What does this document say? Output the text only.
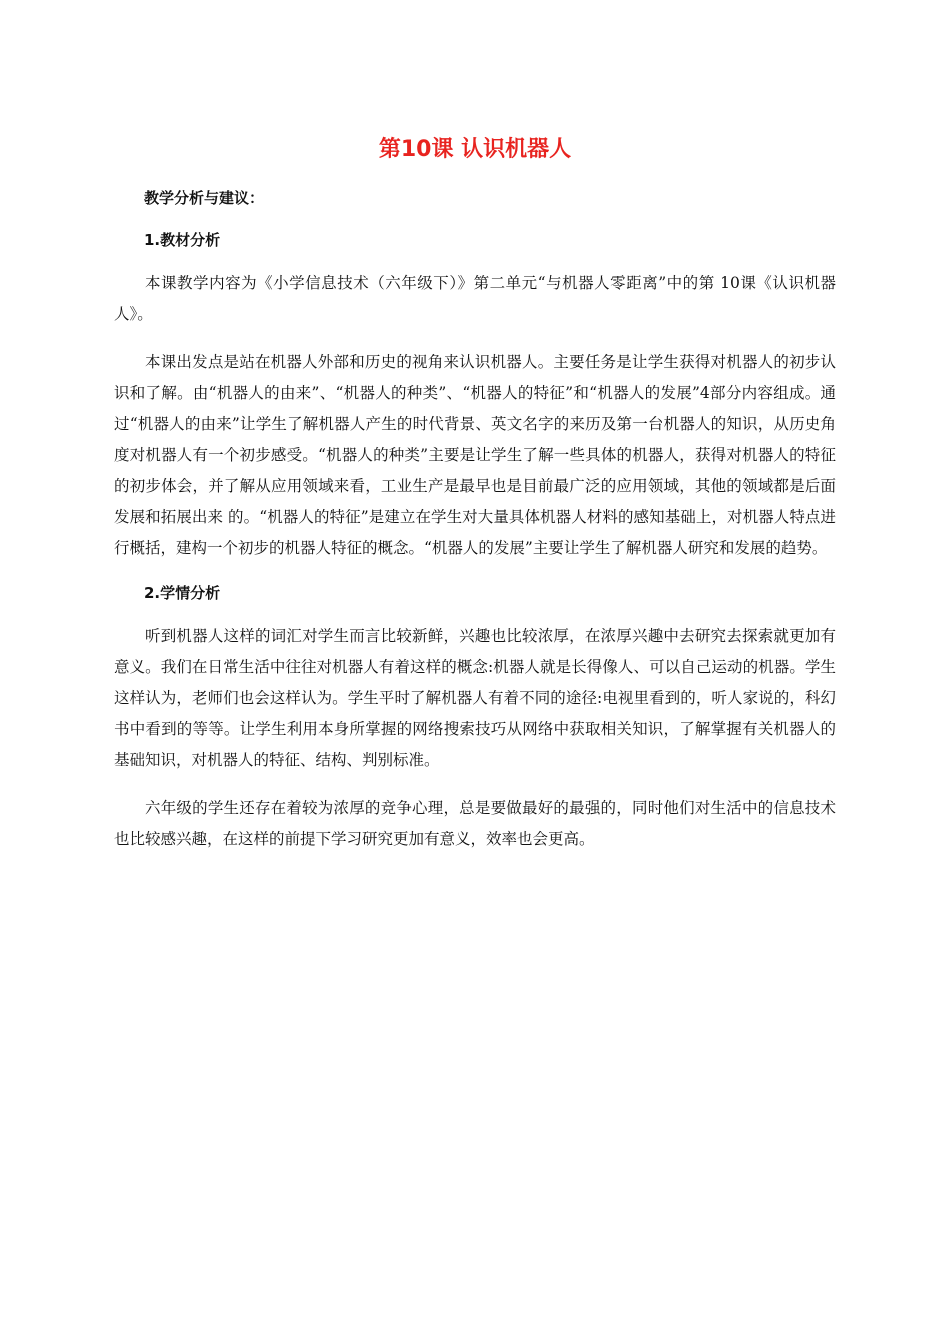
第10课 认识机器人
教学分析与建议：
1.教材分析

本课教学内容为《小学信息技术（六年级下）》第二单元“与机器人零距离”中的第 10课《认识机器人》。

本课出发点是站在机器人外部和历史的视角来认识机器人。主要任务是让学生获得对机器人的初步认识和了解。由“机器人的由来”、“机器人的种类”、“机器人的特征”和“机器人的发展”4部分内容组成。通过“机器人的由来”让学生了解机器人产生的时代背景、英文名字的来历及第一台机器人的知识，从历史角度对机器人有一个初步感受。“机器人的种类”主要是让学生了解一些具体的机器人，获得对机器人的特征的初步体会，并了解从应用领域来看，工业生产是最早也是目前最广泛的应用领域，其他的领域都是后面发展和拓展出来 的。“机器人的特征”是建立在学生对大量具体机器人材料的感知基础上，对机器人特点进行概括，建构一个初步的机器人特征的概念。“机器人的发展”主要让学生了解机器人研究和发展的趋势。

2.学情分析

听到机器人这样的词汇对学生而言比较新鲜，兴趣也比较浓厚，在浓厚兴趣中去研究去探索就更加有意义。我们在日常生活中往往对机器人有着这样的概念:机器人就是长得像人、可以自己运动的机器。学生这样认为，老师们也会这样认为。学生平时了解机器人有着不同的途径:电视里看到的，听人家说的，科幻书中看到的等等。让学生利用本身所掌握的网络搜索技巧从网络中获取相关知识，了解掌握有关机器人的基础知识，对机器人的特征、结构、判别标准。

六年级的学生还存在着较为浓厚的竞争心理，总是要做最好的最强的，同时他们对生活中的信息技术也比较感兴趣，在这样的前提下学习研究更加有意义，效率也会更高。
